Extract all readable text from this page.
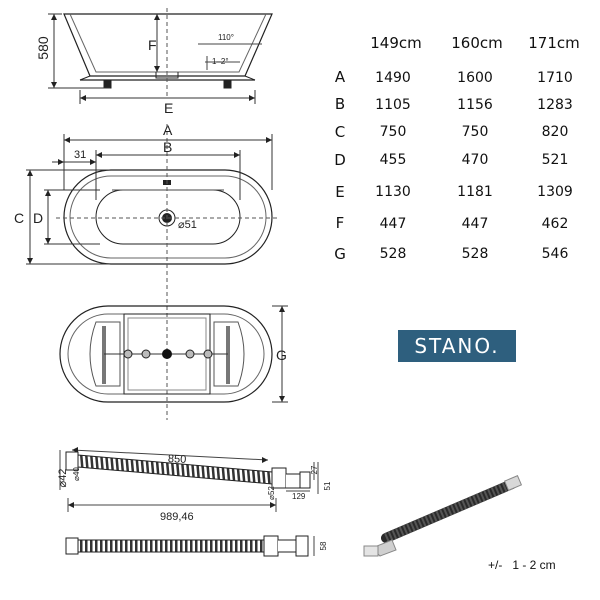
580	F	110°
1–2°
E
A
B
31
C D	⌀51
G
149cm 160cm 171cm
A 1490	1600	1710
B 1105	1156	1283
C 750	750	820
D 455	470	521
E 1130	1181	1309
F	447	447	462
G 528	528	546
850
989,46
⌀42 ⌀40
⌀52 129
27
51
58
STANO.
+/-   1 - 2 cm
